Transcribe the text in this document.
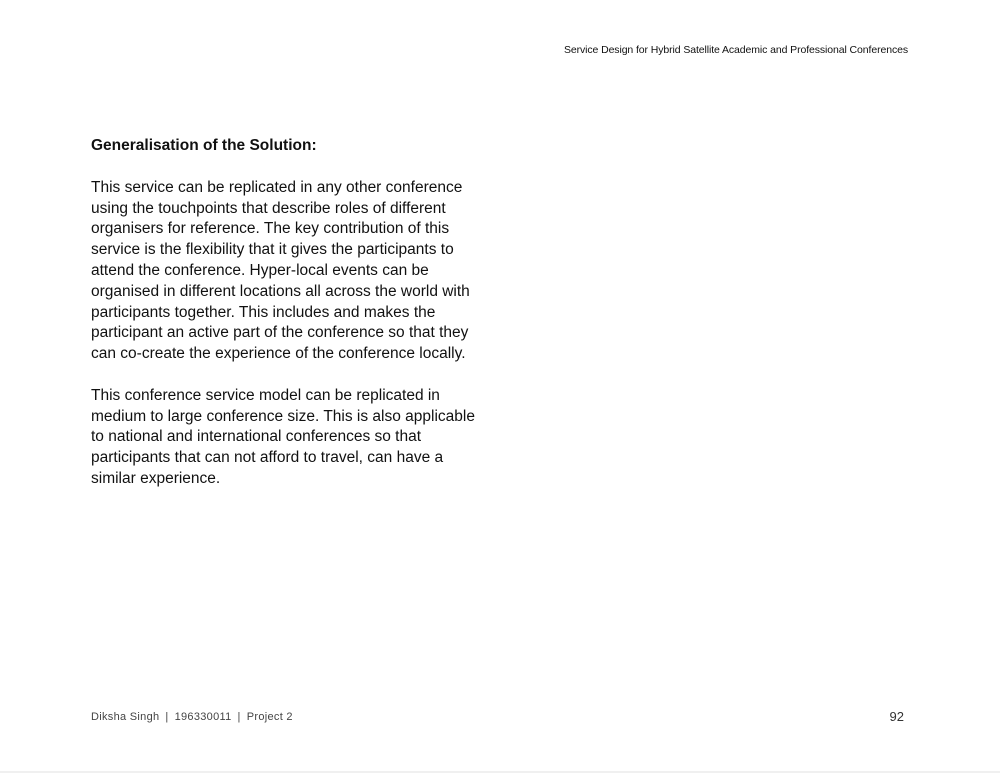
Service Design for Hybrid Satellite Academic and Professional Conferences
Generalisation of the Solution:

This service can be replicated in any other conference using the touchpoints that describe roles of different organisers for reference. The key contribution of this service is the flexibility that it gives the participants to attend the conference. Hyper-local events can be organised in different locations all across the world with participants together. This includes and makes the participant an active part of the conference so that they can co-create the experience of the conference locally.

This conference service model can be replicated in medium to large conference size. This is also applicable to national and international conferences so that participants that can not afford to travel, can have a similar experience.

Diksha Singh | 196330011 | Project 2	92
